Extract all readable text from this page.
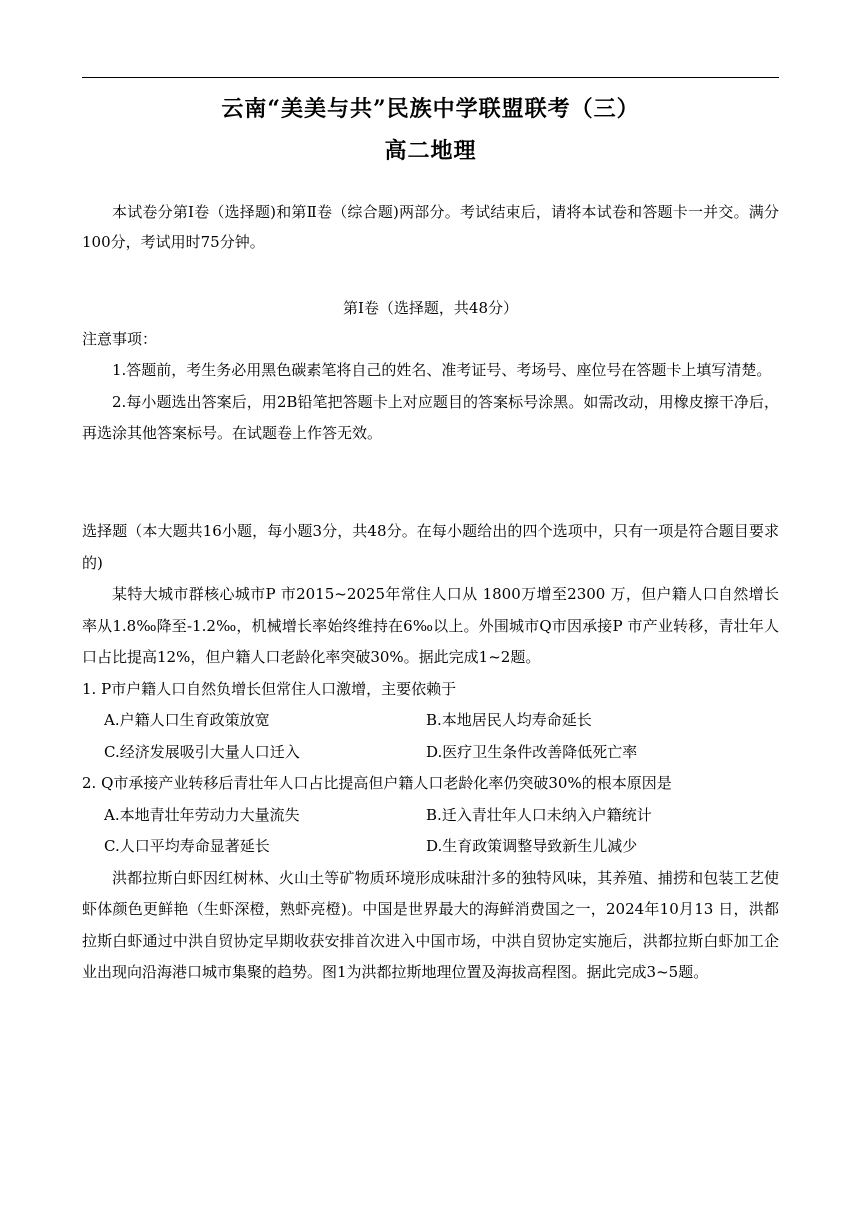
云南“美美与共”民族中学联盟联考（三）
高二地理

本试卷分第Ⅰ卷（选择题)和第Ⅱ卷（综合题)两部分。考试结束后，请将本试卷和答题卡一并交。满分100分，考试用时75分钟。

第Ⅰ卷（选择题，共48分）
注意事项：

1.答题前，考生务必用黑色碳素笔将自己的姓名、准考证号、考场号、座位号在答题卡上填写清楚。

2.每小题选出答案后，用2B铅笔把答题卡上对应题目的答案标号涂黑。如需改动，用橡皮擦干净后，再选涂其他答案标号。在试题卷上作答无效。

选择题（本大题共16小题，每小题3分，共48分。在每小题给出的四个选项中，只有一项是符合题目要求的)

某特大城市群核心城市P 市2015~2025年常住人口从 1800万增至2300 万，但户籍人口自然增长率从1.8‰降至-1.2‰，机械增长率始终维持在6‰以上。外围城市Q市因承接P 市产业转移，青壮年人口占比提高12%，但户籍人口老龄化率突破30%。据此完成1~2题。

1. P市户籍人口自然负增长但常住人口激增，主要依赖于

A.户籍人口生育政策放宽	B.本地居民人均寿命延长
C.经济发展吸引大量人口迁入	D.医疗卫生条件改善降低死亡率

2. Q市承接产业转移后青壮年人口占比提高但户籍人口老龄化率仍突破30%的根本原因是

A.本地青壮年劳动力大量流失	B.迁入青壮年人口未纳入户籍统计
C.人口平均寿命显著延长	D.生育政策调整导致新生儿减少

洪都拉斯白虾因红树林、火山土等矿物质环境形成味甜汁多的独特风味，其养殖、捕捞和包装工艺使虾体颜色更鲜艳（生虾深橙，熟虾亮橙)。中国是世界最大的海鲜消费国之一，2024年10月13 日，洪都拉斯白虾通过中洪自贸协定早期收获安排首次进入中国市场，中洪自贸协定实施后，洪都拉斯白虾加工企业出现向沿海港口城市集聚的趋势。图1为洪都拉斯地理位置及海拔高程图。据此完成3~5题。
